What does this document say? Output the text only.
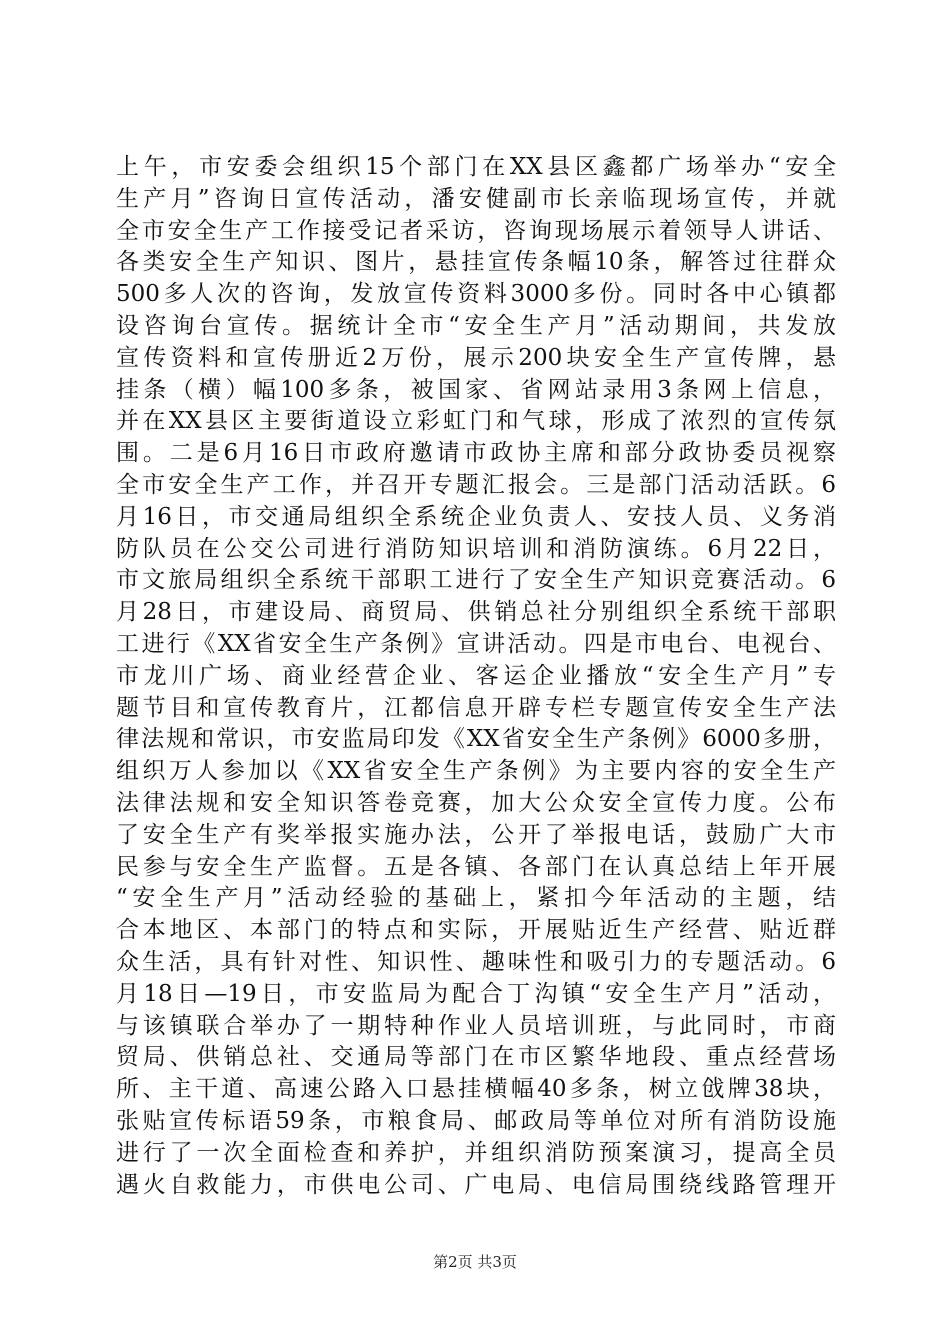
上午，市安委会组织15个部门在XX县区鑫都广场举办“安全
生产月”咨询日宣传活动，潘安健副市长亲临现场宣传，并就
全市安全生产工作接受记者采访，咨询现场展示着领导人讲话、
各类安全生产知识、图片，悬挂宣传条幅10条，解答过往群众
500多人次的咨询，发放宣传资料3000多份。同时各中心镇都
设咨询台宣传。据统计全市“安全生产月”活动期间，共发放
宣传资料和宣传册近2万份，展示200块安全生产宣传牌，悬
挂条（横）幅100多条，被国家、省网站录用3条网上信息，
并在XX县区主要街道设立彩虹门和气球，形成了浓烈的宣传氛
围。二是6月16日市政府邀请市政协主席和部分政协委员视察
全市安全生产工作，并召开专题汇报会。三是部门活动活跃。6
月16日，市交通局组织全系统企业负责人、安技人员、义务消
防队员在公交公司进行消防知识培训和消防演练。6月22日，
市文旅局组织全系统干部职工进行了安全生产知识竞赛活动。6
月28日，市建设局、商贸局、供销总社分别组织全系统干部职
工进行《XX省安全生产条例》宣讲活动。四是市电台、电视台、
市龙川广场、商业经营企业、客运企业播放“安全生产月”专
题节目和宣传教育片，江都信息开辟专栏专题宣传安全生产法
律法规和常识，市安监局印发《XX省安全生产条例》6000多册，
组织万人参加以《XX省安全生产条例》为主要内容的安全生产
法律法规和安全知识答卷竞赛，加大公众安全宣传力度。公布
了安全生产有奖举报实施办法，公开了举报电话，鼓励广大市
民参与安全生产监督。五是各镇、各部门在认真总结上年开展
“安全生产月”活动经验的基础上，紧扣今年活动的主题，结
合本地区、本部门的特点和实际，开展贴近生产经营、贴近群
众生活，具有针对性、知识性、趣味性和吸引力的专题活动。6
月18日—19日，市安监局为配合丁沟镇“安全生产月”活动，
与该镇联合举办了一期特种作业人员培训班，与此同时，市商
贸局、供销总社、交通局等部门在市区繁华地段、重点经营场
所、主干道、高速公路入口悬挂横幅40多条，树立戗牌38块，
张贴宣传标语59条，市粮食局、邮政局等单位对所有消防设施
进行了一次全面检查和养护，并组织消防预案演习，提高全员
遇火自救能力，市供电公司、广电局、电信局围绕线路管理开
第2页 共3页
